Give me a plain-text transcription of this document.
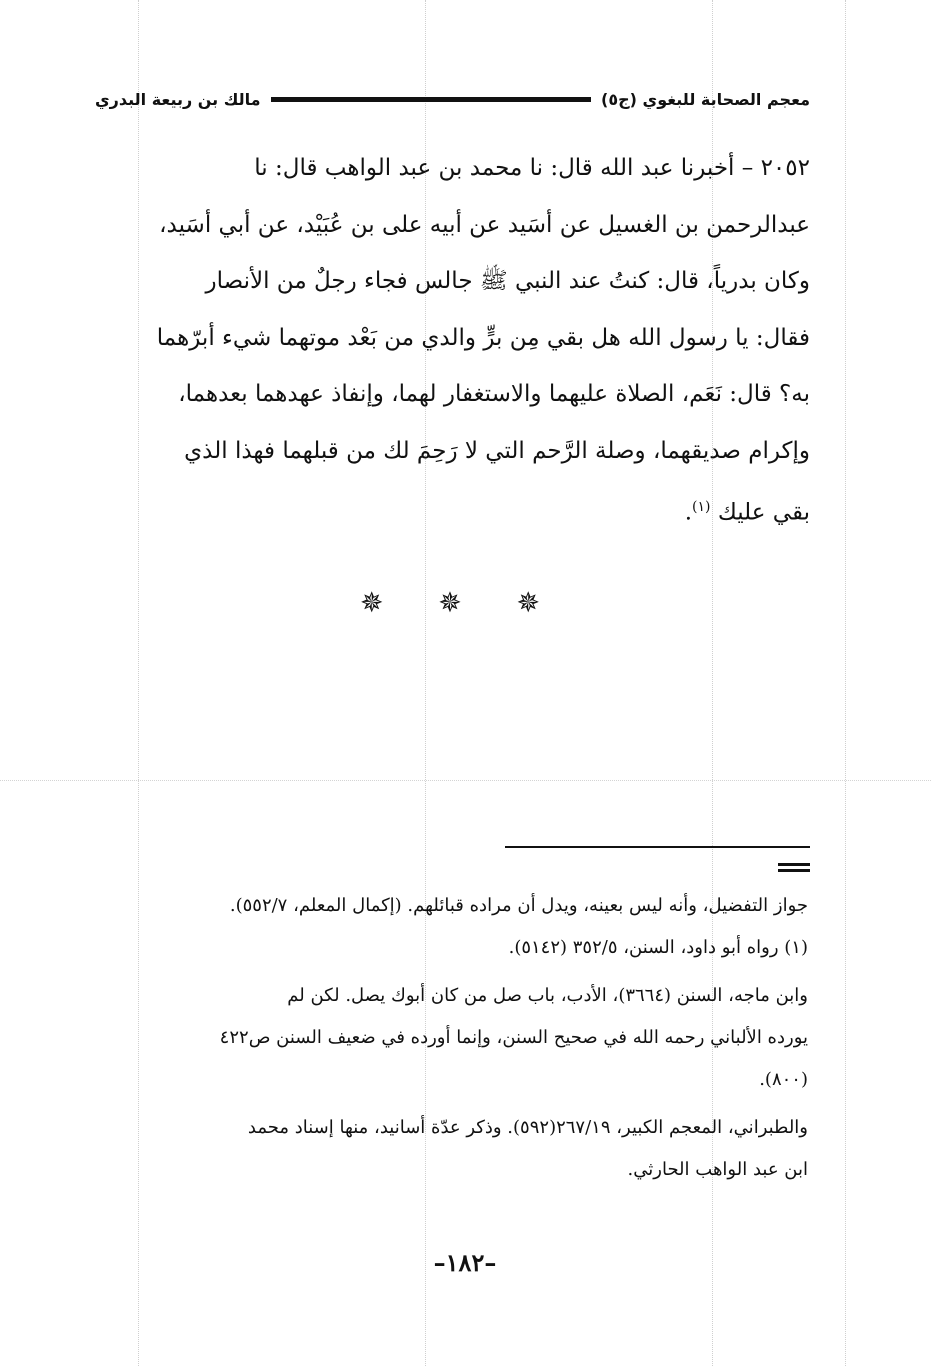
معجم الصحابة للبغوي (ج٥)
مالك بن ربيعة البدري

٢٠٥٢ – أخبرنا عبد الله قال: نا محمد بن عبد الواهب قال: نا

عبدالرحمن بن الغسيل عن أسَيد عن أبيه على بن عُبَيْد، عن أبي أسَيد،

وكان بدرياً، قال: كنتُ عند النبي ﷺ جالس فجاء رجلٌ من الأنصار

فقال: يا رسول الله هل بقي مِن برٍّ والدي من بَعْد موتهما شيء أبرّهما

به؟ قال: نَعَم، الصلاة عليهما والاستغفار لهما، وإنفاذ عهدهما بعدهما،

وإكرام صديقهما، وصلة الرَّحم التي لا رَحِمَ لك من قبلهما فهذا الذي

بقي عليك $^{(١)}$.

✵ ✵ ✵

جواز التفضيل، وأنه ليس بعينه، ويدل أن مراده قبائلهم. (إكمال المعلم، ٥٥٢/٧).

(١) رواه أبو داود، السنن، ٣٥٢/٥ (٥١٤٢).

وابن ماجه، السنن (٣٦٦٤)، الأدب، باب صل من كان أبوك يصل. لكن لم

يورده الألباني رحمه الله في صحيح السنن، وإنما أورده في ضعيف السنن ص٤٢٢

(٨٠٠).

والطبراني، المعجم الكبير، ٢٦٧/١٩(٥٩٢). وذكر عدّة أسانيد، منها إسناد محمد

ابن عبد الواهب الحارثي.

–١٨٢–
